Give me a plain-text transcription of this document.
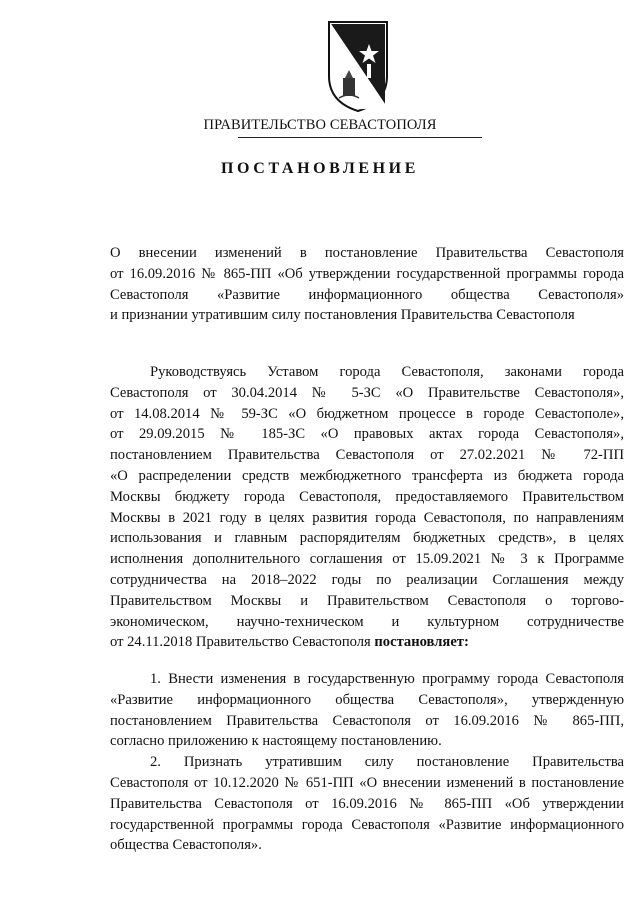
ПРАВИТЕЛЬСТВО СЕВАСТОПОЛЯ
ПОСТАНОВЛЕНИЕ
О внесении изменений в постановление Правительства Севастополя
от 16.09.2016 № 865-ПП «Об утверждении государственной программы города
Севастополя «Развитие информационного общества Севастополя»
и признании утратившим силу постановления Правительства Севастополя
Руководствуясь Уставом города Севастополя, законами города
Севастополя от 30.04.2014 № 5-ЗС «О Правительстве Севастополя»,
от 14.08.2014 № 59-ЗС «О бюджетном процессе в городе Севастополе»,
от 29.09.2015 № 185-ЗС «О правовых актах города Севастополя»,
постановлением Правительства Севастополя от 27.02.2021 № 72-ПП
«О распределении средств межбюджетного трансферта из бюджета города
Москвы бюджету города Севастополя, предоставляемого Правительством
Москвы в 2021 году в целях развития города Севастополя, по направлениям
использования и главным распорядителям бюджетных средств», в целях
исполнения дополнительного соглашения от 15.09.2021 № 3 к Программе
сотрудничества на 2018–2022 годы по реализации Соглашения между
Правительством Москвы и Правительством Севастополя о торгово-
экономическом, научно-техническом и культурном сотрудничестве
от 24.11.2018 Правительство Севастополя постановляет:

1. Внести изменения в государственную программу города Севастополя
«Развитие информационного общества Севастополя», утвержденную
постановлением Правительства Севастополя от 16.09.2016 № 865-ПП,
согласно приложению к настоящему постановлению.

2. Признать утратившим силу постановление Правительства
Севастополя от 10.12.2020 № 651-ПП «О внесении изменений в постановление
Правительства Севастополя от 16.09.2016 № 865-ПП «Об утверждении
государственной программы города Севастополя «Развитие информационного
общества Севастополя».
